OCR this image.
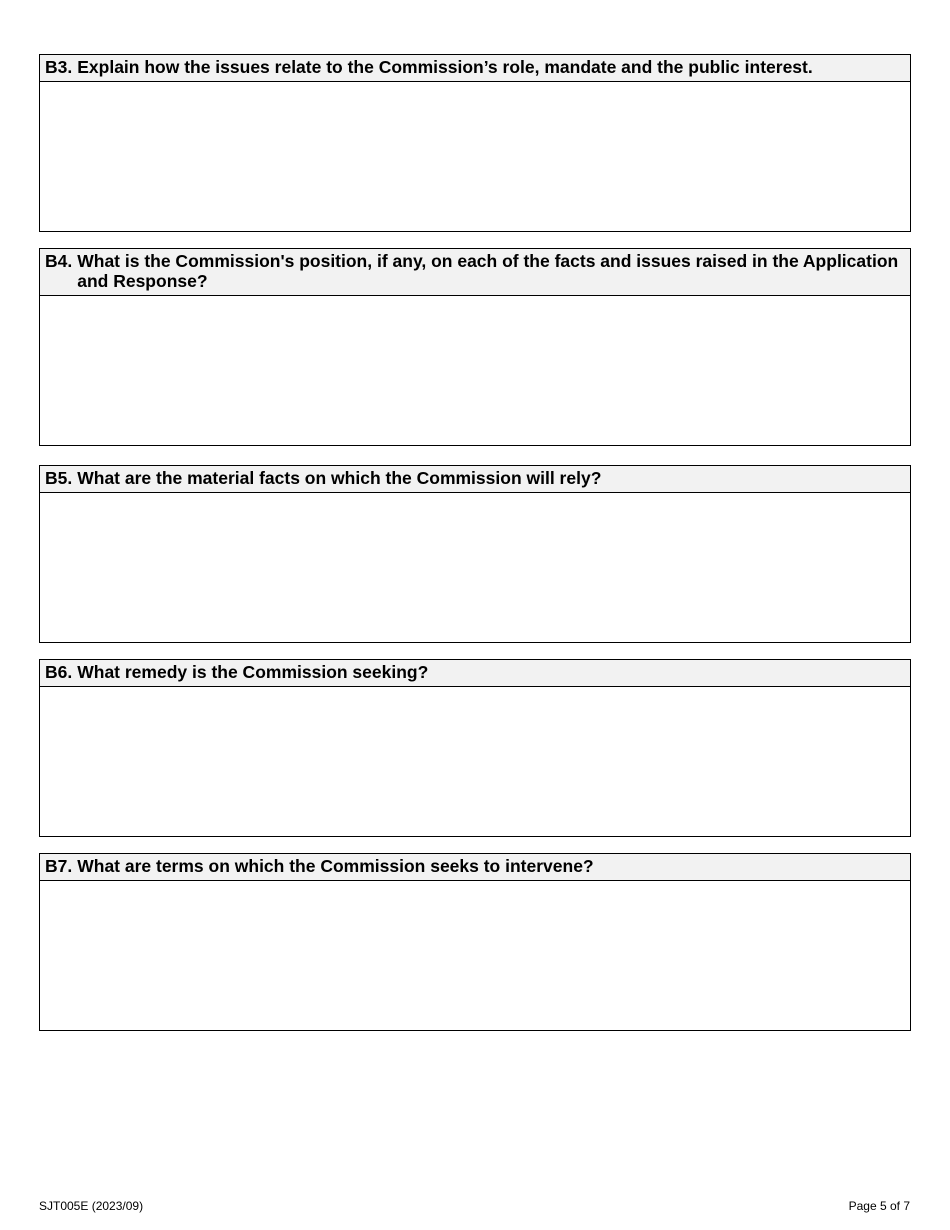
B3. Explain how the issues relate to the Commission’s role, mandate and the public interest.
B4. What is the Commission's position, if any, on each of the facts and issues raised in the Application and Response?
B5. What are the material facts on which the Commission will rely?
B6. What remedy is the Commission seeking?
B7. What are terms on which the Commission seeks to intervene?
SJT005E (2023/09)	Page 5 of 7
